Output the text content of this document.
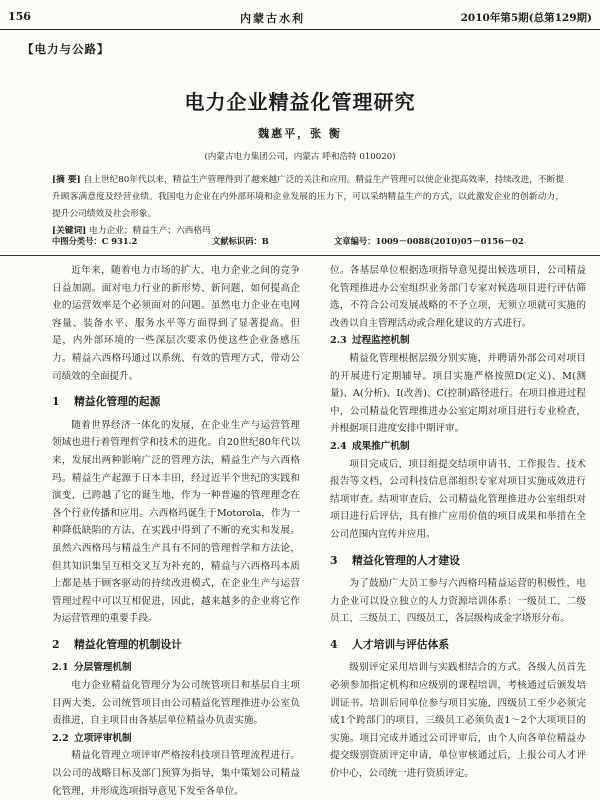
156	内蒙古水利	2010年第5期(总第129期)
【电力与公路】
电力企业精益化管理研究
魏惠平，张 衡
(内蒙古电力集团公司，内蒙古 呼和浩特 010020)

[摘 要] 自上世纪80年代以来，精益生产管理得到了越来越广泛的关注和应用。精益生产管理可以使企业提高效率，持续改进，不断提升顾客满意度及经营业绩。我国电力企业在内外部环境和企业发展的压力下，可以采纳精益生产的方式，以此激发企业的创新动力，提升公司绩效及社会形象。

[关键词] 电力企业；精益生产；六西格玛

中图分类号：C 931.2	文献标识码：B	文章编号：1009－0088(2010)05－0156－02

近年来，随着电力市场的扩大、电力企业之间的竞争日益加剧。面对电力行业的新形势、新问题，如何提高企业的运营效率是个必须面对的问题。虽然电力企业在电网容量、装备水平、服务水平等方面得到了显著提高。但是，内外部环境的一些深层次要求仍使这些企业备感压力。精益六西格玛通过以系统、有效的管理方式，带动公司绩效的全面提升。

1 精益化管理的起源

随着世界经济一体化的发展，在企业生产与运营管理领域也进行着管理哲学和技术的进化。自20世纪80年代以来，发展出两种影响广泛的管理方法，精益生产与六西格玛。精益生产起源于日本丰田，经过近半个世纪的实践和演变，已跨越了它的诞生地，作为一种普遍的管理理念在各个行业传播和应用。六西格玛诞生于Motorola，作为一种降低缺陷的方法，在实践中得到了不断的充实和发展。虽然六西格玛与精益生产具有不同的管理哲学和方法论，但其知识集呈互相交叉互为补充的，精益与六西格玛本质上都是基于顾客驱动的持续改进模式，在企业生产与运营管理过程中可以互相促进，因此，越来越多的企业将它作为运营管理的重要手段。

2 精益化管理的机制设计
2.1 分层管理机制

电力企业精益化管理分为公司统管项目和基层自主项目两大类，公司统管项目由公司精益化管理推进办公室负责推进，自主项目由各基层单位精益办负责实施。

2.2 立项评审机制

精益化管理立项评审严格按科技项目管理流程进行。以公司的战略目标及部门预算为指导，集中策划公司精益化管理，并形成选项指导意见下发至各单位。

位。各基层单位根据选项指导意见提出候选项目，公司精益化管理推进办公室组织业务部门专家对候选项目进行评估筛选，不符合公司发展战略的不予立项，无须立项就可实施的改善以自主管理活动或合理化建议的方式进行。

2.3 过程监控机制

精益化管理根据层级分别实施，并聘请外部公司对项目的开展进行定期辅导。项目实施严格按照D(定义)、M(测量)、A(分析)、I(改善)、C(控制)路径进行。在项目推进过程中，公司精益化管理推进办公室定期对项目进行专业检查，并根据项目进度安排中期评审。

2.4 成果推广机制

项目完成后，项目组提交结项申请书、工作报告、技术报告等文档，公司科技信息部组织专家对项目实施成效进行结项审查。结项审查后，公司精益化管理推进办公室组织对项目进行后评估，具有推广应用价值的项目成果和举措在全公司范围内宣传并应用。

3 精益化管理的人才建设

为了鼓励广大员工参与六西格玛精益运营的积极性，电力企业可以设立独立的人力资源培训体系：一级员工、二级员工、三级员工、四级员工，各层级构成金字塔形分布。

4 人才培训与评估体系

级别评定采用培训与实践相结合的方式。各级人员首先必须参加指定机构和应级别的课程培训，考核通过后颁发培训证书。培训后同单位参与项目实施，四级员工至少必须完成1个跨部门的项目，三级员工必须负责1～2个大项项目的实施。项目完成并通过公司评审后，由个人向各单位精益办提交级别资质评定申请，单位审核通过后，上报公司人才评价中心，公司统一进行资质评定。
